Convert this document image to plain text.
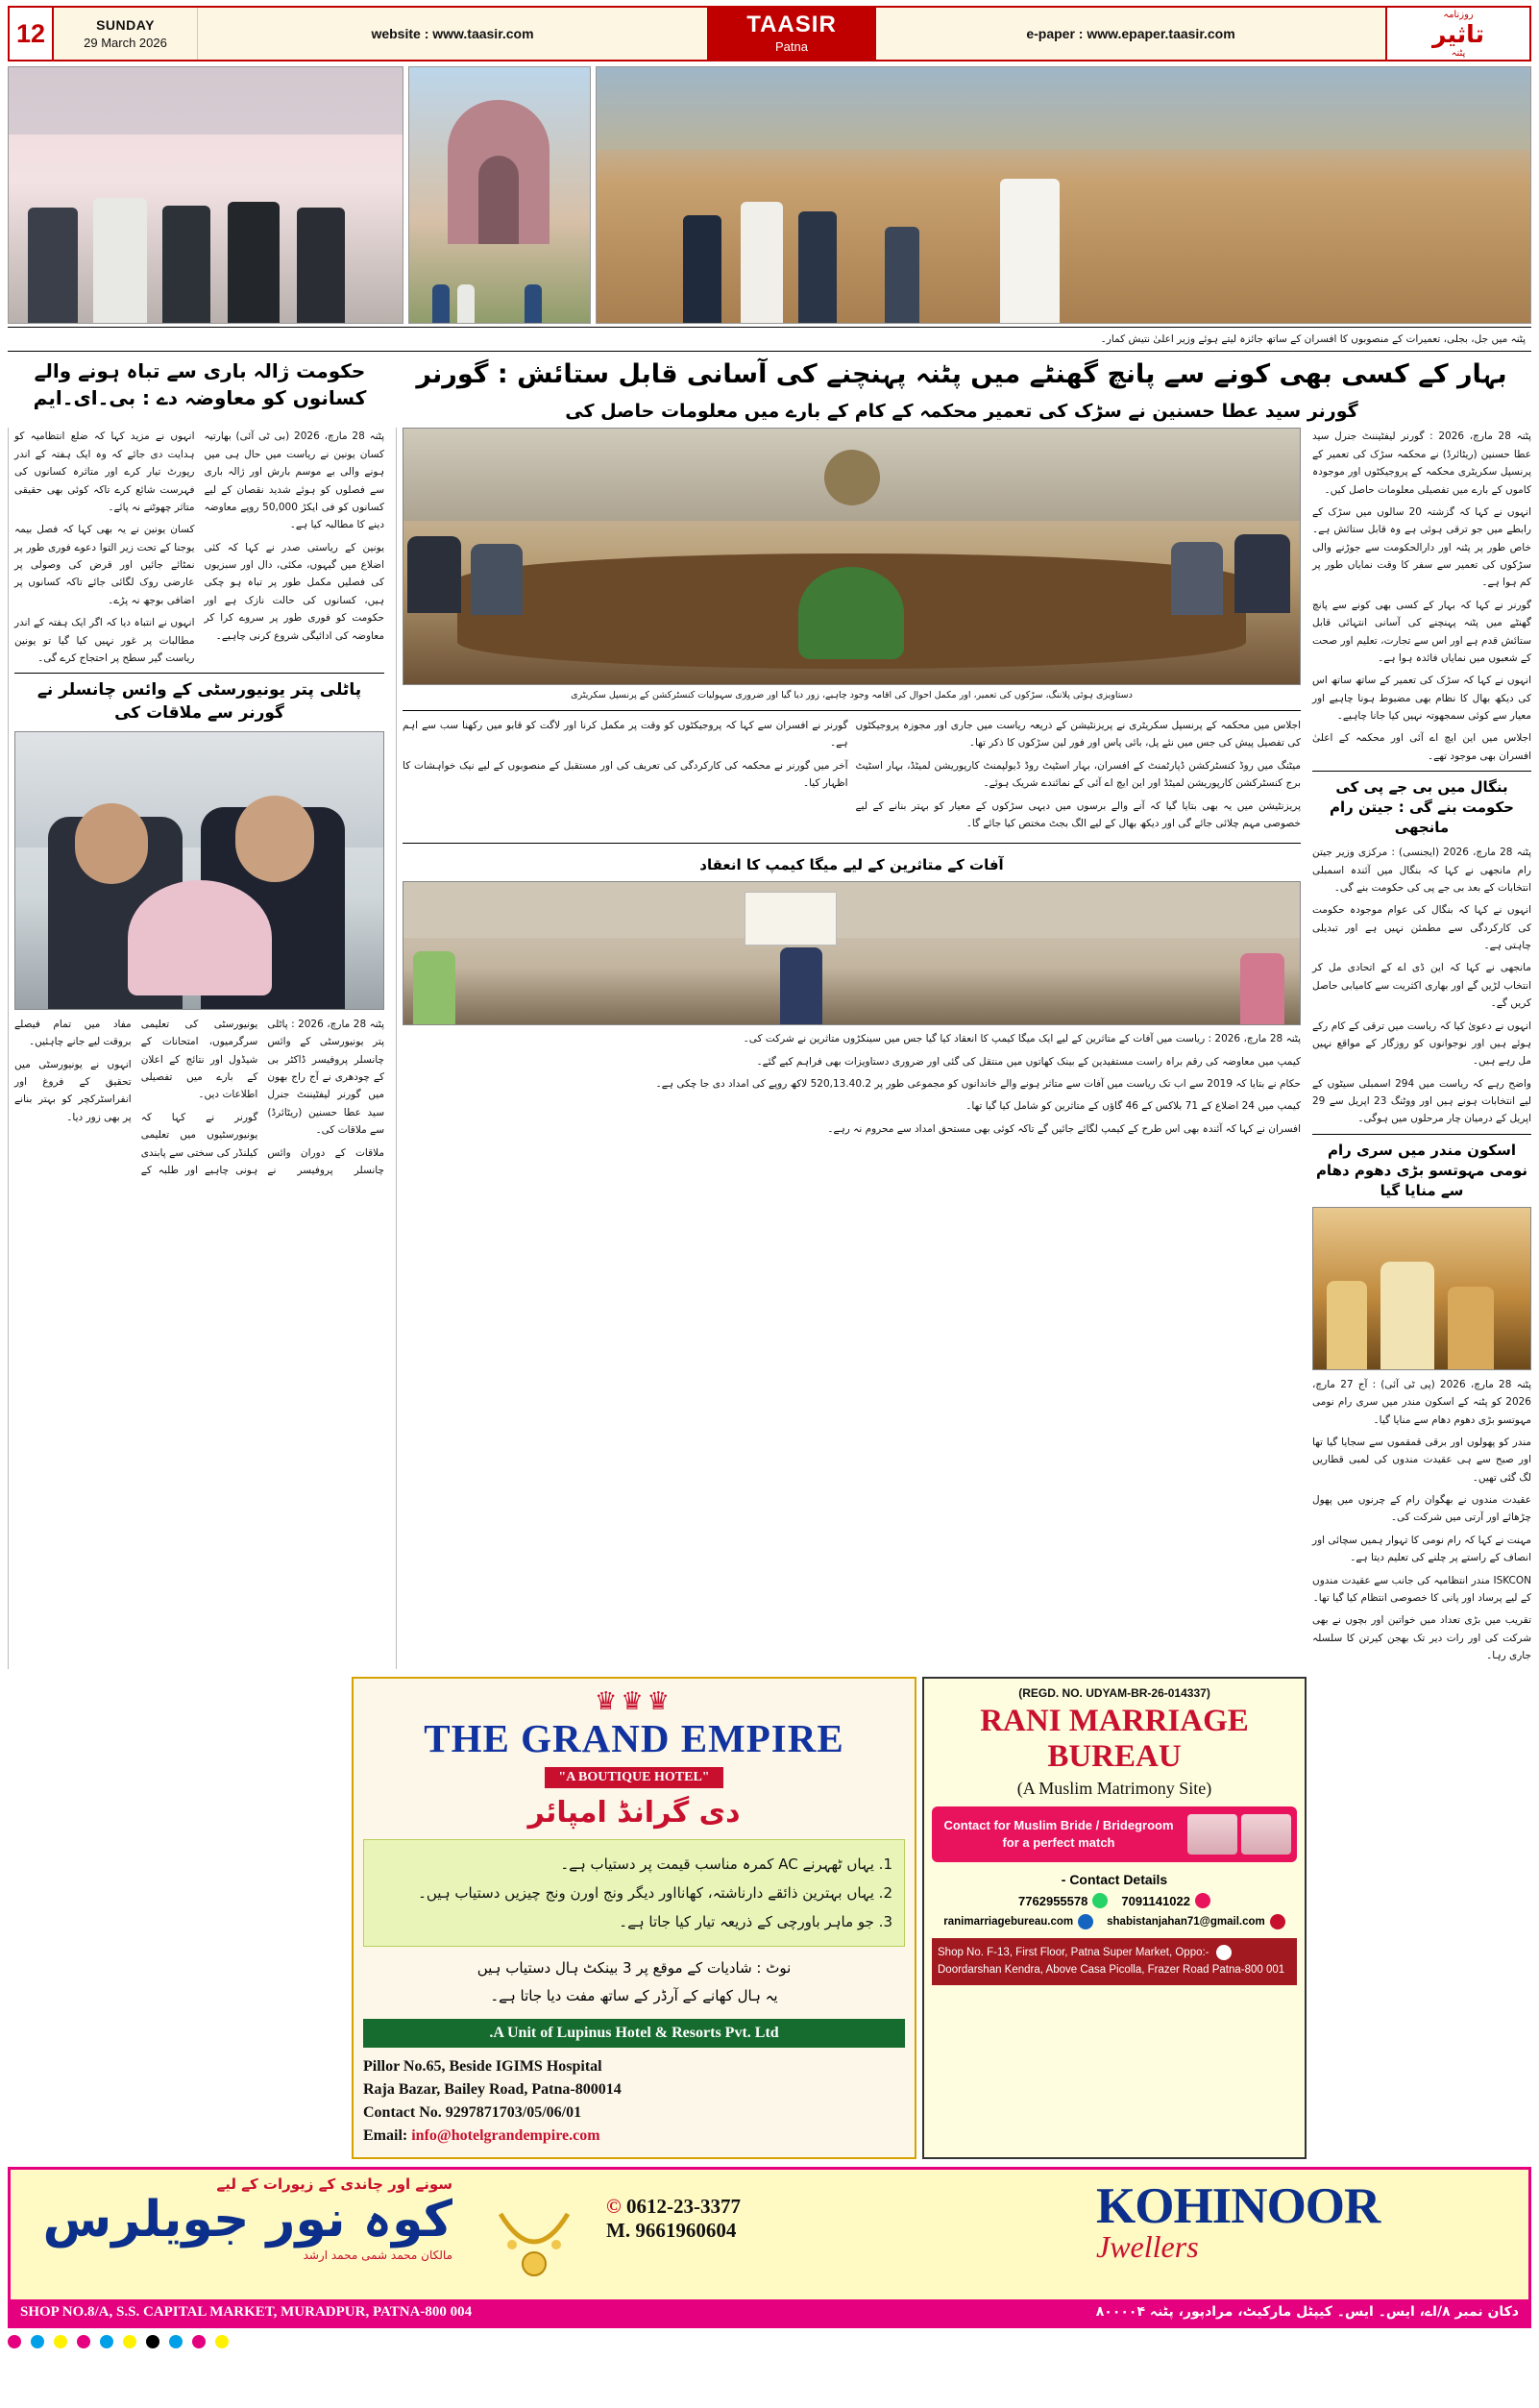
12	SUNDAY
29 March 2026
website : www.taasir.com	TAASIR
Patna
e-paper : www.epaper.taasir.com
روزنامہ
تاثیر
پٹنہ
پٹنہ میں جل، بجلی، تعمیرات کے منصوبوں کا افسران کے ساتھ جائزہ لیتے ہوئے وزیر اعلیٰ نتیش کمار۔
بہار کے کسی بھی کونے سے پانچ گھنٹے میں پٹنہ پہنچنے کی آسانی قابل ستائش : گورنر
گورنر سید عطا حسنین نے سڑک کی تعمیر محکمہ کے کام کے بارے میں معلومات حاصل کی
حکومت ژالہ باری سے تباہ ہونے والے کسانوں کو معاوضہ دے : بی۔ای۔ایم

پٹنہ 28 مارچ، 2026 : گورنر لیفٹیننٹ جنرل سید عطا حسنین (ریٹائرڈ) نے محکمہ سڑک کی تعمیر کے پرنسپل سکریٹری محکمہ کے پروجیکٹوں اور موجودہ کاموں کے بارے میں تفصیلی معلومات حاصل کیں۔

انہوں نے کہا کہ گزشتہ 20 سالوں میں سڑک کے رابطے میں جو ترقی ہوئی ہے وہ قابل ستائش ہے۔ خاص طور پر پٹنہ اور دارالحکومت سے جوڑنے والی سڑکوں کی تعمیر سے سفر کا وقت نمایاں طور پر کم ہوا ہے۔

گورنر نے کہا کہ بہار کے کسی بھی کونے سے پانچ گھنٹے میں پٹنہ پہنچنے کی آسانی انتہائی قابل ستائش قدم ہے اور اس سے تجارت، تعلیم اور صحت کے شعبوں میں نمایاں فائدہ ہوا ہے۔

انہوں نے کہا کہ سڑک کی تعمیر کے ساتھ ساتھ اس کی دیکھ بھال کا نظام بھی مضبوط ہونا چاہیے اور معیار سے کوئی سمجھوتہ نہیں کیا جانا چاہیے۔

اجلاس میں این ایچ اے آئی اور محکمہ کے اعلیٰ افسران بھی موجود تھے۔

بنگال میں بی جے پی کی حکومت بنے گی : جیتن رام مانجھی

پٹنہ 28 مارچ، 2026 (ایجنسی) : مرکزی وزیر جیتن رام مانجھی نے کہا کہ بنگال میں آئندہ اسمبلی انتخابات کے بعد بی جے پی کی حکومت بنے گی۔

انہوں نے کہا کہ بنگال کی عوام موجودہ حکومت کی کارکردگی سے مطمئن نہیں ہے اور تبدیلی چاہتی ہے۔

مانجھی نے کہا کہ این ڈی اے کے اتحادی مل کر انتخاب لڑیں گے اور بھاری اکثریت سے کامیابی حاصل کریں گے۔

انہوں نے دعویٰ کیا کہ ریاست میں ترقی کے کام رکے ہوئے ہیں اور نوجوانوں کو روزگار کے مواقع نہیں مل رہے ہیں۔

واضح رہے کہ ریاست میں 294 اسمبلی سیٹوں کے لیے انتخابات ہونے ہیں اور ووٹنگ 23 اپریل سے 29 اپریل کے درمیان چار مرحلوں میں ہوگی۔

اسکون مندر میں سری رام نومی مہوتسو بڑی دھوم دھام سے منایا گیا

پٹنہ 28 مارچ، 2026 (پی ٹی آئی) : آج 27 مارچ، 2026 کو پٹنہ کے اسکون مندر میں سری رام نومی مہوتسو بڑی دھوم دھام سے منایا گیا۔

مندر کو پھولوں اور برقی قمقموں سے سجایا گیا تھا اور صبح سے ہی عقیدت مندوں کی لمبی قطاریں لگ گئی تھیں۔

عقیدت مندوں نے بھگوان رام کے چرنوں میں پھول چڑھائے اور آرتی میں شرکت کی۔

مہنت نے کہا کہ رام نومی کا تہوار ہمیں سچائی اور انصاف کے راستے پر چلنے کی تعلیم دیتا ہے۔

ISKCON مندر انتظامیہ کی جانب سے عقیدت مندوں کے لیے پرساد اور پانی کا خصوصی انتظام کیا گیا تھا۔

تقریب میں بڑی تعداد میں خواتین اور بچوں نے بھی شرکت کی اور رات دیر تک بھجن کیرتن کا سلسلہ جاری رہا۔

دستاویزی ہوئی پلاننگ، سڑکوں کی تعمیر، اور مکمل احوال کی اقامہ وجود چاہیے، زور دیا گیا اور ضروری سہولیات کنسٹرکشن کے پرنسپل سکریٹری

اجلاس میں محکمہ کے پرنسپل سکریٹری نے پریزنٹیشن کے ذریعہ ریاست میں جاری اور مجوزہ پروجیکٹوں کی تفصیل پیش کی جس میں نئے پل، بائی پاس اور فور لین سڑکوں کا ذکر تھا۔

میٹنگ میں روڈ کنسٹرکشن ڈپارٹمنٹ کے افسران، بہار اسٹیٹ روڈ ڈیولپمنٹ کارپوریشن لمیٹڈ، بہار اسٹیٹ برج کنسٹرکشن کارپوریشن لمیٹڈ اور این ایچ اے آئی کے نمائندے شریک ہوئے۔

پریزنٹیشن میں یہ بھی بتایا گیا کہ آنے والے برسوں میں دیہی سڑکوں کے معیار کو بہتر بنانے کے لیے خصوصی مہم چلائی جائے گی اور دیکھ بھال کے لیے الگ بجٹ مختص کیا جائے گا۔

گورنر نے افسران سے کہا کہ پروجیکٹوں کو وقت پر مکمل کرنا اور لاگت کو قابو میں رکھنا سب سے اہم ہے۔

آخر میں گورنر نے محکمہ کی کارکردگی کی تعریف کی اور مستقبل کے منصوبوں کے لیے نیک خواہشات کا اظہار کیا۔

آفات کے متاثرین کے لیے میگا کیمپ کا انعقاد

پٹنہ 28 مارچ، 2026 : ریاست میں آفات کے متاثرین کے لیے ایک میگا کیمپ کا انعقاد کیا گیا جس میں سینکڑوں متاثرین نے شرکت کی۔

کیمپ میں معاوضہ کی رقم براہ راست مستفیدین کے بینک کھاتوں میں منتقل کی گئی اور ضروری دستاویزات بھی فراہم کیے گئے۔

حکام نے بتایا کہ 2019 سے اب تک ریاست میں آفات سے متاثر ہونے والے خاندانوں کو مجموعی طور پر 520,13.40.2 لاکھ روپے کی امداد دی جا چکی ہے۔

کیمپ میں 24 اضلاع کے 71 بلاکس کے 46 گاؤں کے متاثرین کو شامل کیا گیا تھا۔

افسران نے کہا کہ آئندہ بھی اس طرح کے کیمپ لگائے جائیں گے تاکہ کوئی بھی مستحق امداد سے محروم نہ رہے۔

پٹنہ 28 مارچ، 2026 (بی ٹی آئی) بھارتیہ کسان یونین نے ریاست میں حال ہی میں ہونے والی بے موسم بارش اور ژالہ باری سے فصلوں کو ہوئے شدید نقصان کے لیے کسانوں کو فی ایکڑ 50,000 روپے معاوضہ دینے کا مطالبہ کیا ہے۔

یونین کے ریاستی صدر نے کہا کہ کئی اضلاع میں گیہوں، مکئی، دال اور سبزیوں کی فصلیں مکمل طور پر تباہ ہو چکی ہیں، کسانوں کی حالت نازک ہے اور حکومت کو فوری طور پر سروے کرا کر معاوضہ کی ادائیگی شروع کرنی چاہیے۔

انہوں نے مزید کہا کہ ضلع انتظامیہ کو ہدایت دی جائے کہ وہ ایک ہفتہ کے اندر رپورٹ تیار کرے اور متاثرہ کسانوں کی فہرست شائع کرے تاکہ کوئی بھی حقیقی متاثر چھوٹنے نہ پائے۔

کسان یونین نے یہ بھی کہا کہ فصل بیمہ یوجنا کے تحت زیر التوا دعوے فوری طور پر نمٹائے جائیں اور قرض کی وصولی پر عارضی روک لگائی جائے تاکہ کسانوں پر اضافی بوجھ نہ پڑے۔

انہوں نے انتباہ دیا کہ اگر ایک ہفتہ کے اندر مطالبات پر غور نہیں کیا گیا تو یونین ریاست گیر سطح پر احتجاج کرے گی۔

پاٹلی پتر یونیورسٹی کے وائس چانسلر نے گورنر سے ملاقات کی

پٹنہ 28 مارچ، 2026 : پاٹلی پتر یونیورسٹی کے وائس چانسلر پروفیسر ڈاکٹر بی کے چودھری نے آج راج بھون میں گورنر لیفٹیننٹ جنرل سید عطا حسنین (ریٹائرڈ) سے ملاقات کی۔

ملاقات کے دوران وائس چانسلر پروفیسر نے یونیورسٹی کی تعلیمی سرگرمیوں، امتحانات کے شیڈول اور نتائج کے اعلان کے بارے میں تفصیلی اطلاعات دیں۔

گورنر نے کہا کہ یونیورسٹیوں میں تعلیمی کیلنڈر کی سختی سے پابندی ہونی چاہیے اور طلبہ کے مفاد میں تمام فیصلے بروقت لیے جانے چاہئیں۔

انہوں نے یونیورسٹی میں تحقیق کے فروغ اور انفراسٹرکچر کو بہتر بنانے پر بھی زور دیا۔

(REGD. NO. UDYAM-BR-26-014337)
RANI MARRIAGE BUREAU
(A Muslim Matrimony Site)
Contact for Muslim Bride / Bridegroom
for a perfect match
Contact Details -
7091141022
7762955578
shabistanjahan71@gmail.com
ranimarriagebureau.com
Shop No. F-13, First Floor, Patna Super Market, Oppo:- Doordarshan Kendra, Above Casa Picolla, Frazer Road Patna-800 001
♛♛♛
THE GRAND EMPIRE
"A BOUTIQUE HOTEL"
دی گرانڈ امپائر
1. یہاں ٹھہرنے AC کمرہ مناسب قیمت پر دستیاب ہے۔
2. یہاں بہترین ذائقے دارناشتہ، کھانااور دیگر ونج اورن ونج چیزیں دستیاب ہیں۔
3. جو ماہر باورچی کے ذریعہ تیار کیا جاتا ہے۔
نوٹ : شادیات کے موقع پر 3 بینکٹ ہال دستیاب ہیں
یہ ہال کھانے کے آرڈر کے ساتھ مفت دیا جاتا ہے۔
A Unit of Lupinus Hotel & Resorts Pvt. Ltd.
Pillor No.65, Beside IGIMS Hospital
Raja Bazar, Bailey Road, Patna-800014
Contact No. 9297871703/05/06/01
Email: info@hotelgrandempire.com
سونے اور چاندی کے زیورات کے لیے
کوہ نور جویلرس
مالکان محمد شمی محمد ارشد
© 0612-23-3377
M. 9661960604	KOHINOOR
Jwellers
SHOP NO.8/A, S.S. CAPITAL MARKET, MURADPUR, PATNA-800 004	دکان نمبر ۸/اے، ایس۔ ایس۔ کیپٹل مارکیٹ، مرادپور، پٹنہ ۸۰۰۰۰۴
